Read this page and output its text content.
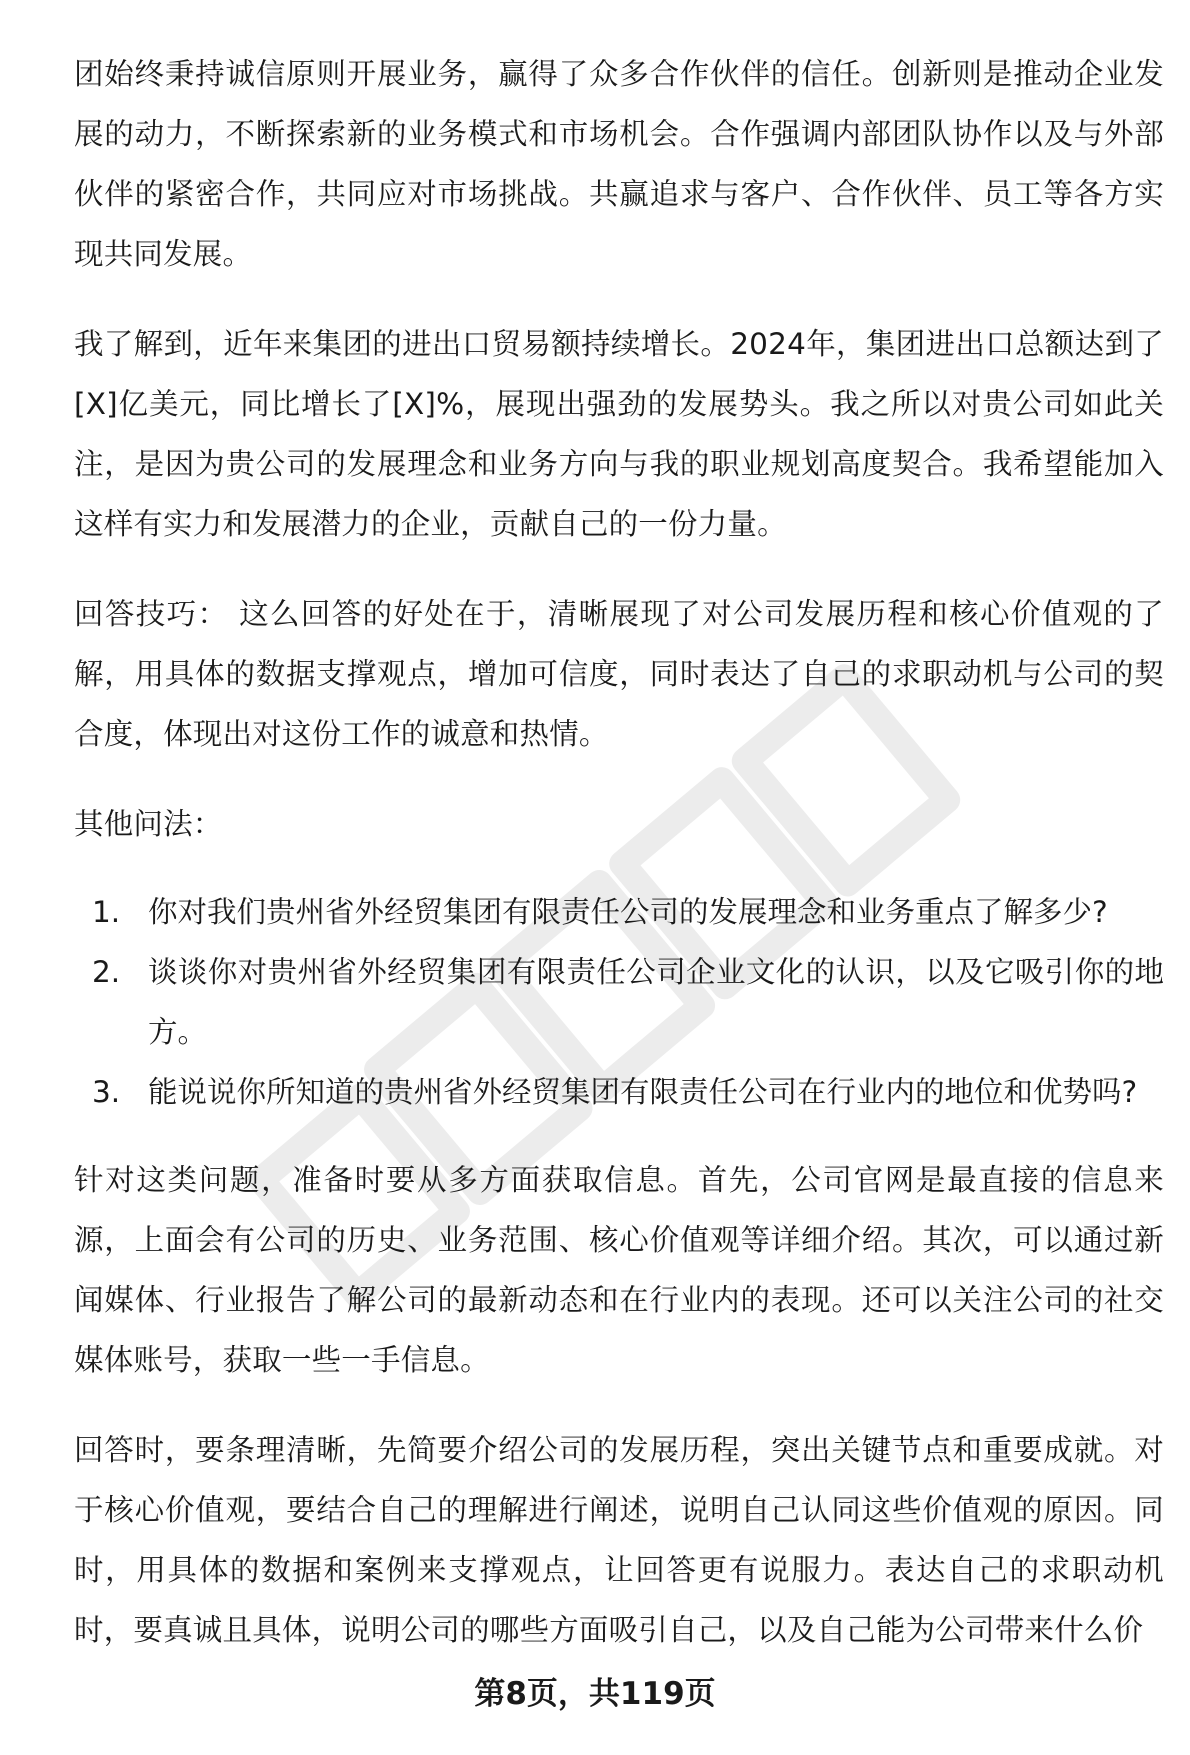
团始终秉持诚信原则开展业务，赢得了众多合作伙伴的信任。创新则是推动企业发展的动力，不断探索新的业务模式和市场机会。合作强调内部团队协作以及与外部伙伴的紧密合作，共同应对市场挑战。共赢追求与客户、合作伙伴、员工等各方实现共同发展。

我了解到，近年来集团的进出口贸易额持续增长。2024年，集团进出口总额达到了[X]亿美元，同比增长了[X]%，展现出强劲的发展势头。我之所以对贵公司如此关注，是因为贵公司的发展理念和业务方向与我的职业规划高度契合。我希望能加入这样有实力和发展潜力的企业，贡献自己的一份力量。

回答技巧： 这么回答的好处在于，清晰展现了对公司发展历程和核心价值观的了解，用具体的数据支撑观点，增加可信度，同时表达了自己的求职动机与公司的契合度，体现出对这份工作的诚意和热情。

其他问法：

1. 你对我们贵州省外经贸集团有限责任公司的发展理念和业务重点了解多少?
2. 谈谈你对贵州省外经贸集团有限责任公司企业文化的认识，以及它吸引你的地方。
3. 能说说你所知道的贵州省外经贸集团有限责任公司在行业内的地位和优势吗?

针对这类问题，准备时要从多方面获取信息。首先，公司官网是最直接的信息来源，上面会有公司的历史、业务范围、核心价值观等详细介绍。其次，可以通过新闻媒体、行业报告了解公司的最新动态和在行业内的表现。还可以关注公司的社交媒体账号，获取一些一手信息。

回答时，要条理清晰，先简要介绍公司的发展历程，突出关键节点和重要成就。对于核心价值观，要结合自己的理解进行阐述，说明自己认同这些价值观的原因。同时，用具体的数据和案例来支撑观点，让回答更有说服力。表达自己的求职动机时，要真诚且具体，说明公司的哪些方面吸引自己，以及自己能为公司带来什么价

第8页，共119页
